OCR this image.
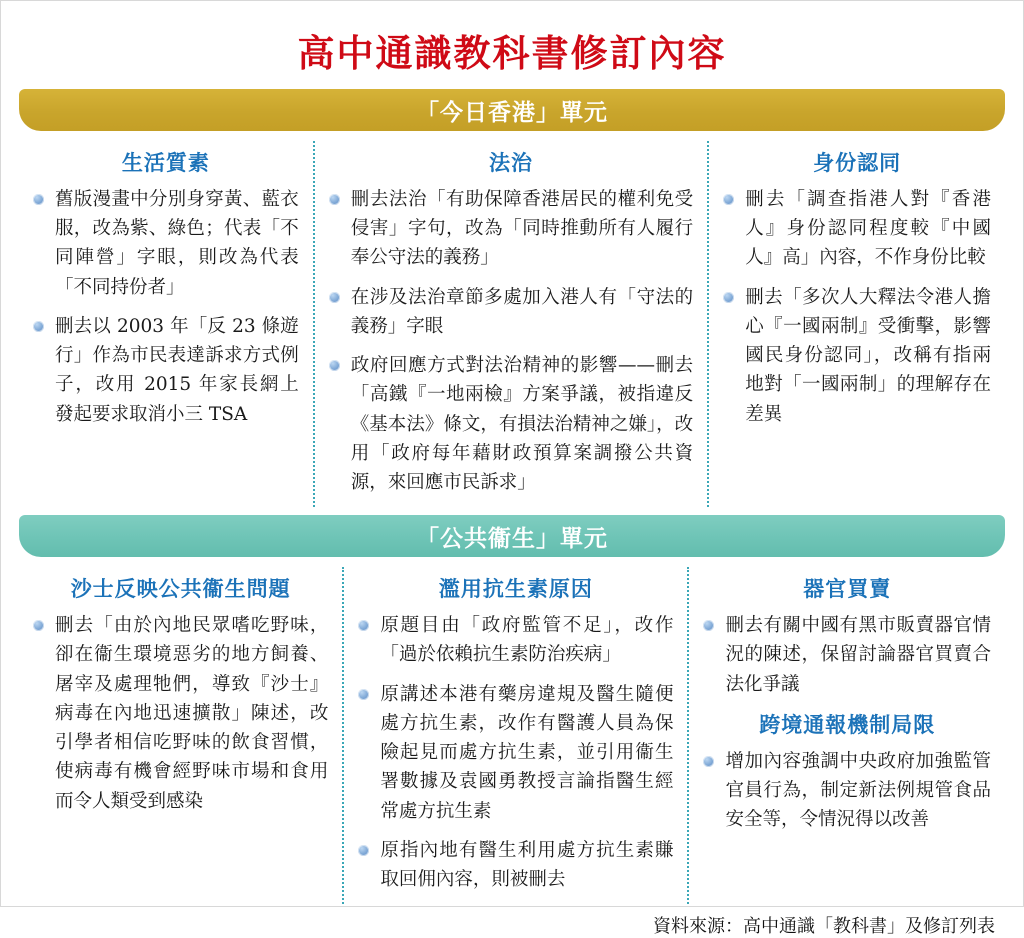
高中通識教科書修訂內容
「今日香港」單元
生活質素
舊版漫畫中分別身穿黃、藍衣服，改為紫、綠色；代表「不同陣營」字眼，則改為代表「不同持份者」
刪去以 2003 年「反 23 條遊行」作為市民表達訴求方式例子，改用 2015 年家長網上發起要求取消小三 TSA
法治
刪去法治「有助保障香港居民的權利免受侵害」字句，改為「同時推動所有人履行奉公守法的義務」
在涉及法治章節多處加入港人有「守法的義務」字眼
政府回應方式對法治精神的影響——刪去「高鐵『一地兩檢』方案爭議，被指違反《基本法》條文，有損法治精神之嫌」，改用「政府每年藉財政預算案調撥公共資源，來回應市民訴求」
身份認同
刪去「調查指港人對『香港人』身份認同程度較『中國人』高」內容，不作身份比較
刪去「多次人大釋法令港人擔心『一國兩制』受衝擊，影響國民身份認同」，改稱有指兩地對「一國兩制」的理解存在差異
「公共衞生」單元
沙士反映公共衞生問題
刪去「由於內地民眾嗜吃野味，卻在衞生環境惡劣的地方飼養、屠宰及處理牠們，導致『沙士』病毒在內地迅速擴散」陳述，改引學者相信吃野味的飲食習慣，使病毒有機會經野味市場和食用而令人類受到感染
濫用抗生素原因
原題目由「政府監管不足」，改作「過於依賴抗生素防治疾病」
原講述本港有藥房違規及醫生隨便處方抗生素，改作有醫護人員為保險起見而處方抗生素，並引用衞生署數據及袁國勇教授言論指醫生經常處方抗生素
原指內地有醫生利用處方抗生素賺取回佣內容，則被刪去
器官買賣
刪去有關中國有黑市販賣器官情況的陳述，保留討論器官買賣合法化爭議
跨境通報機制局限
增加內容強調中央政府加強監管官員行為，制定新法例規管食品安全等，令情況得以改善
資料來源：高中通識「教科書」及修訂列表
